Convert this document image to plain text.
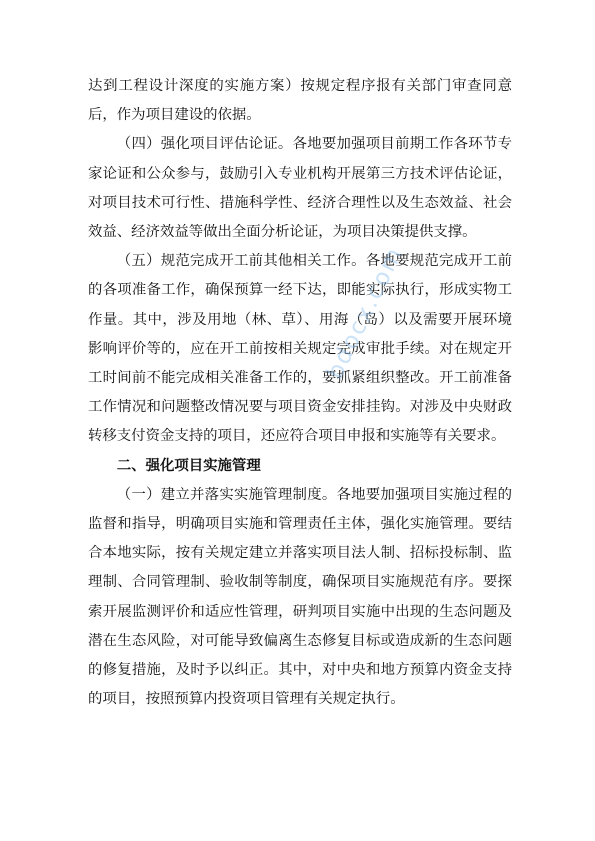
达到工程设计深度的实施方案）按规定程序报有关部门审查同意后，作为项目建设的依据。

（四）强化项目评估论证。各地要加强项目前期工作各环节专家论证和公众参与，鼓励引入专业机构开展第三方技术评估论证，对项目技术可行性、措施科学性、经济合理性以及生态效益、社会效益、经济效益等做出全面分析论证，为项目决策提供支撑。

（五）规范完成开工前其他相关工作。各地要规范完成开工前的各项准备工作，确保预算一经下达，即能实际执行，形成实物工作量。其中，涉及用地（林、草）、用海（岛）以及需要开展环境影响评价等的，应在开工前按相关规定完成审批手续。对在规定开工时间前不能完成相关准备工作的，要抓紧组织整改。开工前准备工作情况和问题整改情况要与项目资金安排挂钩。对涉及中央财政转移支付资金支持的项目，还应符合项目申报和实施等有关要求。

二、强化项目实施管理

（一）建立并落实实施管理制度。各地要加强项目实施过程的监督和指导，明确项目实施和管理责任主体，强化实施管理。要结合本地实际，按有关规定建立并落实项目法人制、招标投标制、监理制、合同管理制、验收制等制度，确保项目实施规范有序。要探索开展监测评价和适应性管理，研判项目实施中出现的生态问题及潜在生态风险，对可能导致偏离生态修复目标或造成新的生态问题的修复措施，及时予以纠正。其中，对中央和地方预算内资金支持的项目，按照预算内投资项目管理有关规定执行。

bdocx.com
